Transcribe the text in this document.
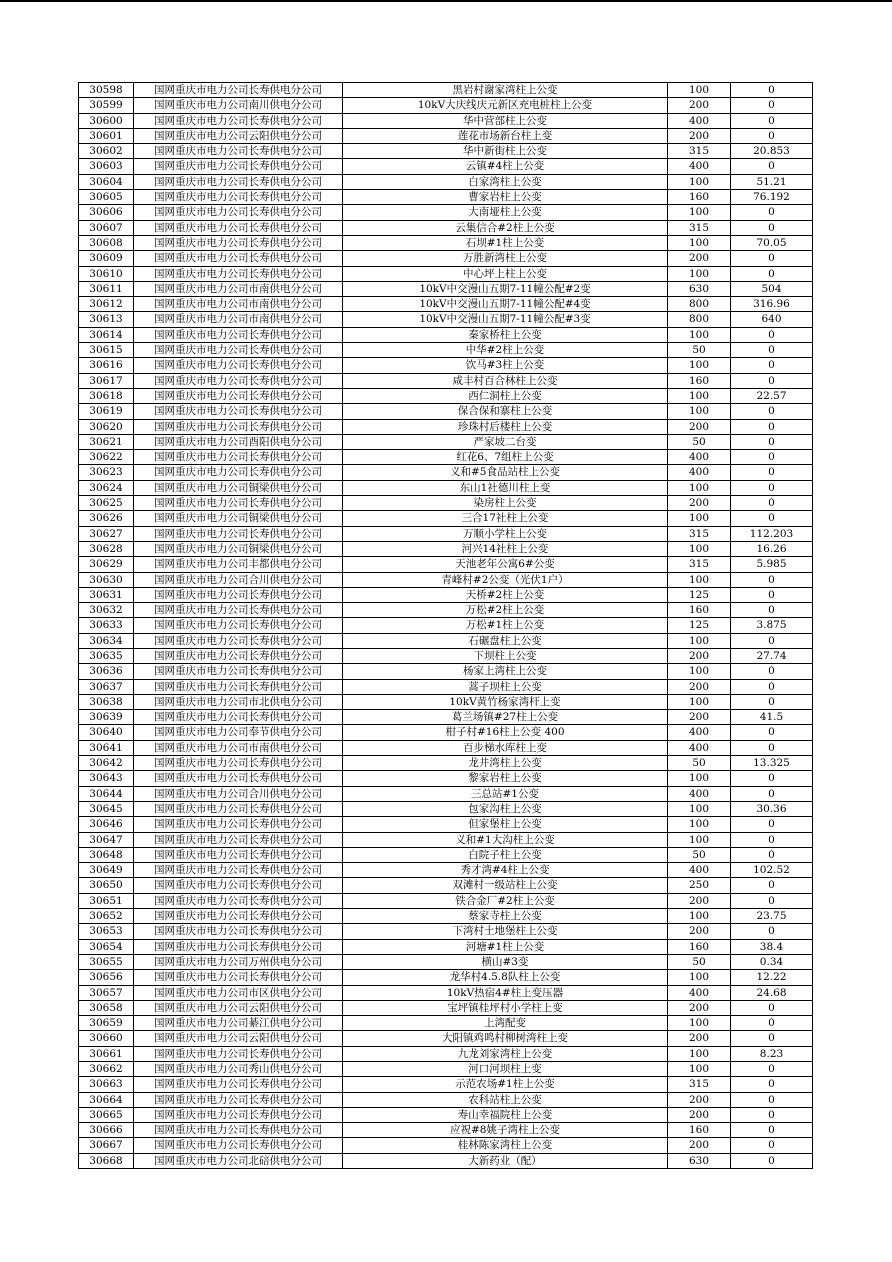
30598	国网重庆市电力公司长寿供电分公司	黑岩村谢家湾柱上公变	100	0
30599	国网重庆市电力公司南川供电分公司	10kV大庆线庆元新区充电桩柱上公变	200	0
30600	国网重庆市电力公司长寿供电分公司	华中营部柱上公变	400	0
30601	国网重庆市电力公司云阳供电分公司	莲花市场新台柱上变	200	0
30602	国网重庆市电力公司长寿供电分公司	华中新街柱上公变	315	20.853
30603	国网重庆市电力公司长寿供电分公司	云镇#4柱上公变	400	0
30604	国网重庆市电力公司长寿供电分公司	白家湾柱上公变	100	51.21
30605	国网重庆市电力公司长寿供电分公司	曹家岩柱上公变	160	76.192
30606	国网重庆市电力公司长寿供电分公司	大南垭柱上公变	100	0
30607	国网重庆市电力公司长寿供电分公司	云集信合#2柱上公变	315	0
30608	国网重庆市电力公司长寿供电分公司	石坝#1柱上公变	100	70.05
30609	国网重庆市电力公司长寿供电分公司	万胜新湾柱上公变	200	0
30610	国网重庆市电力公司长寿供电分公司	中心坪上柱上公变	100	0
30611	国网重庆市电力公司市南供电分公司	10kV中交漫山五期7-11幢公配#2变	630	504
30612	国网重庆市电力公司市南供电分公司	10kV中交漫山五期7-11幢公配#4变	800	316.96
30613	国网重庆市电力公司市南供电分公司	10kV中交漫山五期7-11幢公配#3变	800	640
30614	国网重庆市电力公司长寿供电分公司	秦家桥柱上公变	100	0
30615	国网重庆市电力公司长寿供电分公司	中华#2柱上公变	50	0
30616	国网重庆市电力公司长寿供电分公司	饮马#3柱上公变	100	0
30617	国网重庆市电力公司长寿供电分公司	咸丰村百合林柱上公变	160	0
30618	国网重庆市电力公司长寿供电分公司	西仁洞柱上公变	100	22.57
30619	国网重庆市电力公司长寿供电分公司	保合保和寨柱上公变	100	0
30620	国网重庆市电力公司长寿供电分公司	珍珠村后楼柱上公变	200	0
30621	国网重庆市电力公司酉阳供电分公司	严家坡二台变	50	0
30622	国网重庆市电力公司长寿供电分公司	红花6、7组柱上公变	400	0
30623	国网重庆市电力公司长寿供电分公司	义和#5食品站柱上公变	400	0
30624	国网重庆市电力公司铜梁供电分公司	东山1社德川柱上变	100	0
30625	国网重庆市电力公司长寿供电分公司	染房柱上公变	200	0
30626	国网重庆市电力公司铜梁供电分公司	三合17社柱上公变	100	0
30627	国网重庆市电力公司长寿供电分公司	万顺小学柱上公变	315	112.203
30628	国网重庆市电力公司铜梁供电分公司	河兴14社柱上公变	100	16.26
30629	国网重庆市电力公司丰都供电分公司	天池老年公寓6#公变	315	5.985
30630	国网重庆市电力公司合川供电分公司	青峰村#2公变（光伏1户）	100	0
30631	国网重庆市电力公司长寿供电分公司	天桥#2柱上公变	125	0
30632	国网重庆市电力公司长寿供电分公司	万松#2柱上公变	160	0
30633	国网重庆市电力公司长寿供电分公司	万松#1柱上公变	125	3.875
30634	国网重庆市电力公司长寿供电分公司	石碾盘柱上公变	100	0
30635	国网重庆市电力公司长寿供电分公司	下坝柱上公变	200	27.74
30636	国网重庆市电力公司长寿供电分公司	杨家上湾柱上公变	100	0
30637	国网重庆市电力公司长寿供电分公司	蒿子坝柱上公变	200	0
30638	国网重庆市电力公司市北供电分公司	10kV黄竹杨家湾杆上变	100	0
30639	国网重庆市电力公司长寿供电分公司	葛兰场镇#27柱上公变	200	41.5
30640	国网重庆市电力公司奉节供电分公司	柑子村#16柱上公变 400	400	0
30641	国网重庆市电力公司市南供电分公司	百步梯水库柱上变	400	0
30642	国网重庆市电力公司长寿供电分公司	龙井湾柱上公变	50	13.325
30643	国网重庆市电力公司长寿供电分公司	黎家岩柱上公变	100	0
30644	国网重庆市电力公司合川供电分公司	三总站#1公变	400	0
30645	国网重庆市电力公司长寿供电分公司	包家沟柱上公变	100	30.36
30646	国网重庆市电力公司长寿供电分公司	但家堡柱上公变	100	0
30647	国网重庆市电力公司长寿供电分公司	义和#1大沟柱上公变	100	0
30648	国网重庆市电力公司长寿供电分公司	白院子柱上公变	50	0
30649	国网重庆市电力公司长寿供电分公司	秀才湾#4柱上公变	400	102.52
30650	国网重庆市电力公司长寿供电分公司	双滩村一级站柱上公变	250	0
30651	国网重庆市电力公司长寿供电分公司	铁合金厂#2柱上公变	200	0
30652	国网重庆市电力公司长寿供电分公司	蔡家寺柱上公变	100	23.75
30653	国网重庆市电力公司长寿供电分公司	下湾村土地堡柱上公变	200	0
30654	国网重庆市电力公司长寿供电分公司	河塘#1柱上公变	160	38.4
30655	国网重庆市电力公司万州供电分公司	横山#3变	50	0.34
30656	国网重庆市电力公司长寿供电分公司	龙华村4.5.8队柱上公变	100	12.22
30657	国网重庆市电力公司市区供电分公司	10kV热宿4#柱上变压器	400	24.68
30658	国网重庆市电力公司云阳供电分公司	宝坪镇桂坪村小学柱上变	200	0
30659	国网重庆市电力公司綦江供电分公司	上湾配变	100	0
30660	国网重庆市电力公司云阳供电分公司	大阳镇鸡鸣村柳树湾柱上变	200	0
30661	国网重庆市电力公司长寿供电分公司	九龙刘家湾柱上公变	100	8.23
30662	国网重庆市电力公司秀山供电分公司	河口河坝柱上变	100	0
30663	国网重庆市电力公司长寿供电分公司	示范农场#1柱上公变	315	0
30664	国网重庆市电力公司长寿供电分公司	农科站柱上公变	200	0
30665	国网重庆市电力公司长寿供电分公司	寿山幸福院柱上公变	200	0
30666	国网重庆市电力公司长寿供电分公司	应祝#8姚子湾柱上公变	160	0
30667	国网重庆市电力公司长寿供电分公司	桂林陈家湾柱上公变	200	0
30668	国网重庆市电力公司北碚供电分公司	大新药业（配）	630	0
